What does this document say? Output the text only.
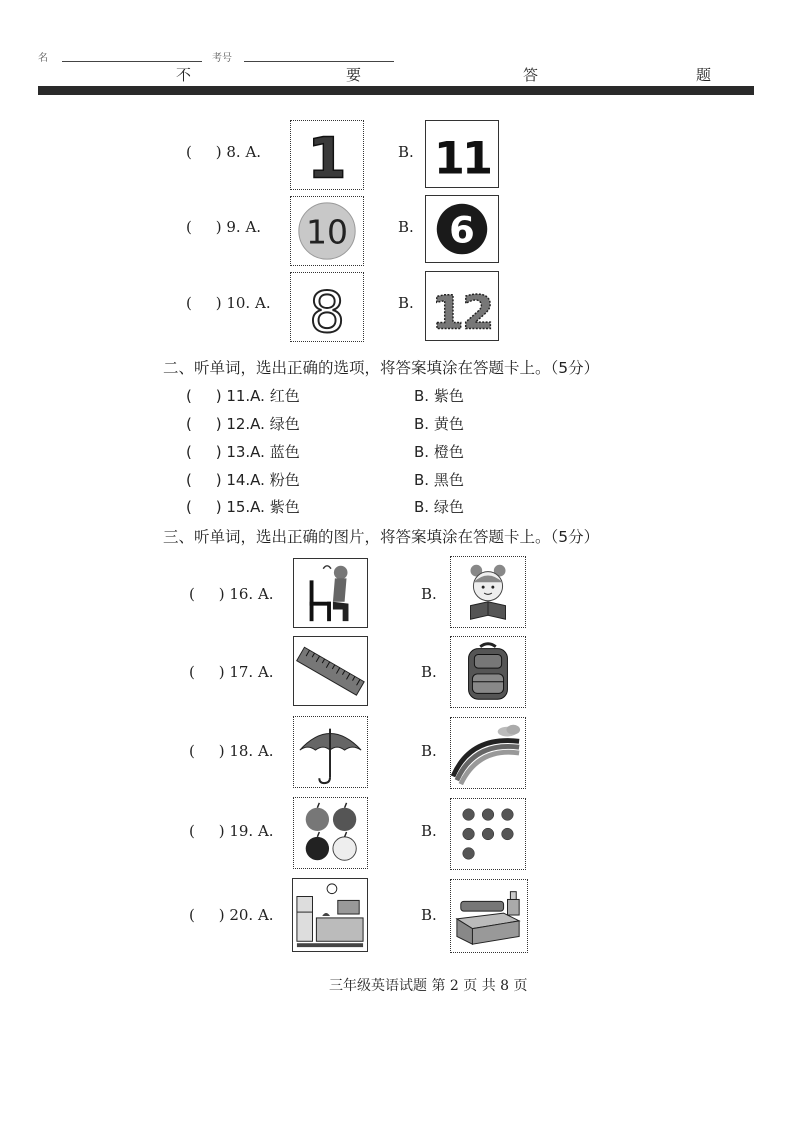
名	考号
不	要	答	题
( ) 8. A. 1	B. 11
( ) 9. A. 10	B. 6
( ) 10. A. 8	B. 12
二、听单词，选出正确的选项，将答案填涂在答题卡上。（5分）
(     ) 11.A. 红色	B. 紫色
(     ) 12.A. 绿色	B. 黄色
(     ) 13.A. 蓝色	B. 橙色
(     ) 14.A. 粉色	B. 黑色
(     ) 15.A. 紫色	B. 绿色
三、听单词，选出正确的图片，将答案填涂在答题卡上。（5分）
(     ) 16. A.	B.
(     ) 17. A.	B.
(     ) 18. A.	B.
(     ) 19. A.	B.
(     ) 20. A.	B.
三年级英语试题 第 2 页 共 8 页
